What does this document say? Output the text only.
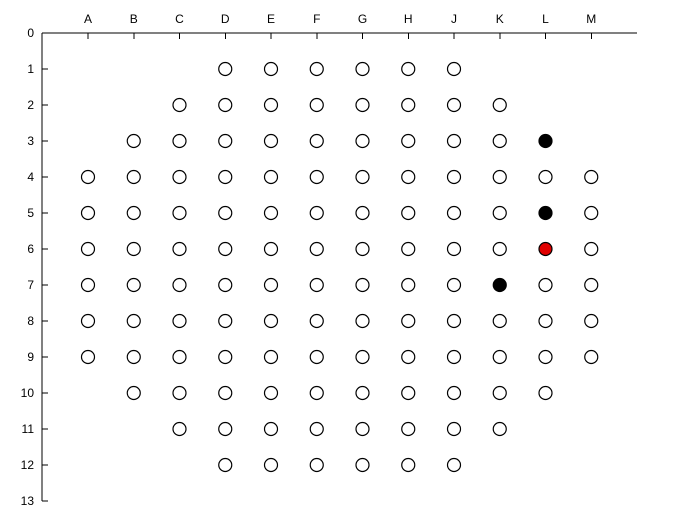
A	B	C	D	E	F	G	H	J	K	L	M
0
1
2
3
4
5
6
7
8
9
10
11
12
13
